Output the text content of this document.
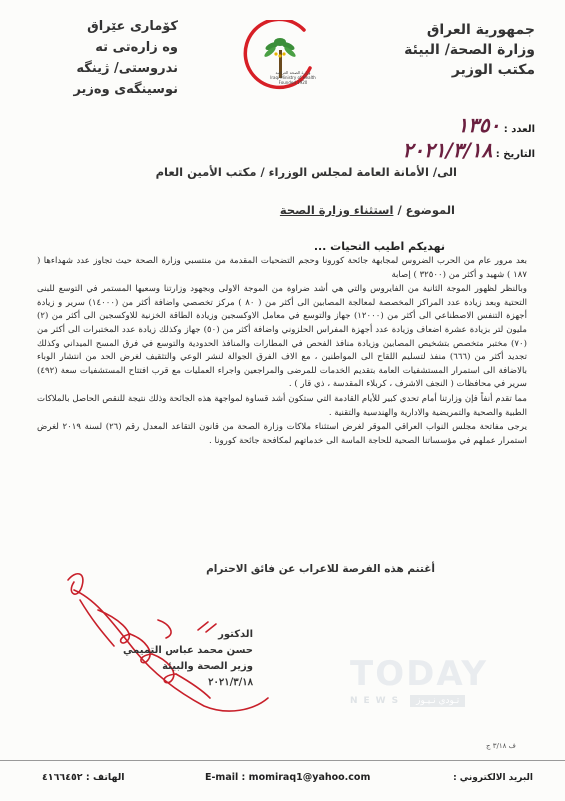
جمهورية العراق
وزارة الصحة/ البيئة
مكتب الوزير
كۆماری عێراق
وه زارەتی ته ندروستی/ ژینگه
نوسینگەی وەزیر
وزارة الصحة العراقية
Iraqi Ministry of Health
Founded 1920
العدد : ١٣٥٠
التاريخ : ٢٠٢١/٣/١٨
الى/ الأمانة العامة لمجلس الوزراء / مكتب الأمين العام
الموضوع / استثناء وزارة الصحة
نهديكم اطيب التحيات ...

بعد مرور عام من الحرب الضروس لمجابهة جائحة كورونا وحجم التضحيات المقدمة من منتسبي وزارة الصحة حيث تجاوز عدد شهداءها ( ١٨٧ ) شهيد و أكثر من (٣٢٥٠٠ ) إصابة

وبالنظر لظهور الموجة الثانية من الفايروس والتي هي أشد ضراوة من الموجة الاولى وبجهود وزارتنا وسعيها المستمر في التوسع للبنى التحتية وبعد زيادة عدد المراكز المخصصة لمعالجة المصابين الى أكثر من ( ٨٠ ) مركز تخصصي واضافة أكثر من (١٤٠٠٠) سرير و زيادة أجهزة التنفس الاصطناعي الى أكثر من (١٢٠٠٠) جهاز والتوسع في معامل الاوكسجين وزيادة الطاقة الخزنية للاوكسجين الى أكثر من (٢) مليون لتر بزيادة عشرة اضعاف وزيادة عدد أجهزة المفراس الحلزوني واضافة أكثر من (٥٠) جهاز وكذلك زيادة عدد المختبرات الى أكثر من (٧٠) مختبر متخصص بتشخيص المصابين وزيادة منافذ الفحص في المطارات والمنافذ الحدودية والتوسع في فرق المسح الميداني وكذلك تجديد أكثر من (٦٦٦) منفذ لتسليم اللقاح الى المواطنين ، مع الاف الفرق الجوالة لنشر الوعي والتثقيف لغرض الحد من انتشار الوباء بالاضافة الى استمرار المستشفيات العامة بتقديم الخدمات للمرضى والمراجعين واجراء العمليات مع قرب افتتاح المستشفيات سعة (٤٩٢) سرير في محافظات ( النجف الاشرف ، كربلاء المقدسة ، ذي قار ) .

مما تقدم أنفاً فإن وزارتنا أمام تحدي كبير للأيام القادمة التي ستكون أشد قساوة لمواجهة هذه الجائحة وذلك نتيجة للنقص الحاصل بالملاكات الطبية والصحية والتمريضية والادارية والهندسية والتقنية .

يرجى مفاتحة مجلس النواب العراقي الموقر لغرض استثناء ملاكات وزارة الصحة من قانون التقاعد المعدل رقم (٢٦) لسنة ٢٠١٩ لغرض استمرار عملهم في مؤسساتنا الصحية للحاجة الماسة الى خدماتهم لمكافحة جائحة كورونا .

أغتنم هذه الفرصة للاعراب عن فائق الاحترام
الدكتور
حسن محمد عباس التميمي
وزير الصحة والبيئة
٢٠٢١/٣/١٨	TODAY
NEWS	تـودي نـيـوز
ف ٣/١٨ ج
البريد الالكتروني :
E-mail : momiraq1@yahoo.com
الهاتف : ٤١٦٦٤٥٢
